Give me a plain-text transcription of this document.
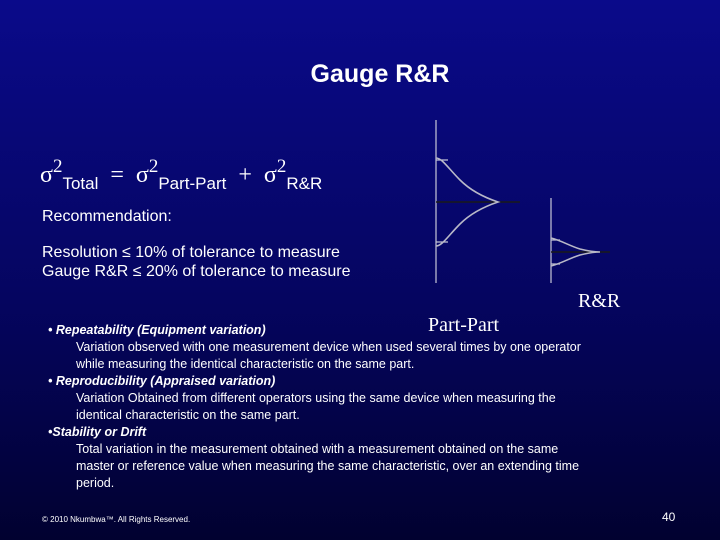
Gauge R&R
$\sigma^2_{Total} = \sigma^2_{Part-Part} + \sigma^2_{R\&R}$
Recommendation:
Resolution ≤ 10% of tolerance to measure
Gauge R&R ≤ 20% of tolerance to measure
Part-Part
R&R
• Repeatability (Equipment variation)
Variation observed with one measurement device when used several times by one operator
while measuring the identical characteristic on the same part.
• Reproducibility (Appraised variation)
Variation Obtained from different operators using the same device when measuring the
identical characteristic on the same part.
•Stability or Drift
Total variation in the measurement obtained with a measurement obtained on the same
master or reference value when measuring the same characteristic, over an extending time
period.
© 2010 Nkumbwa™. All Rights Reserved.	40
